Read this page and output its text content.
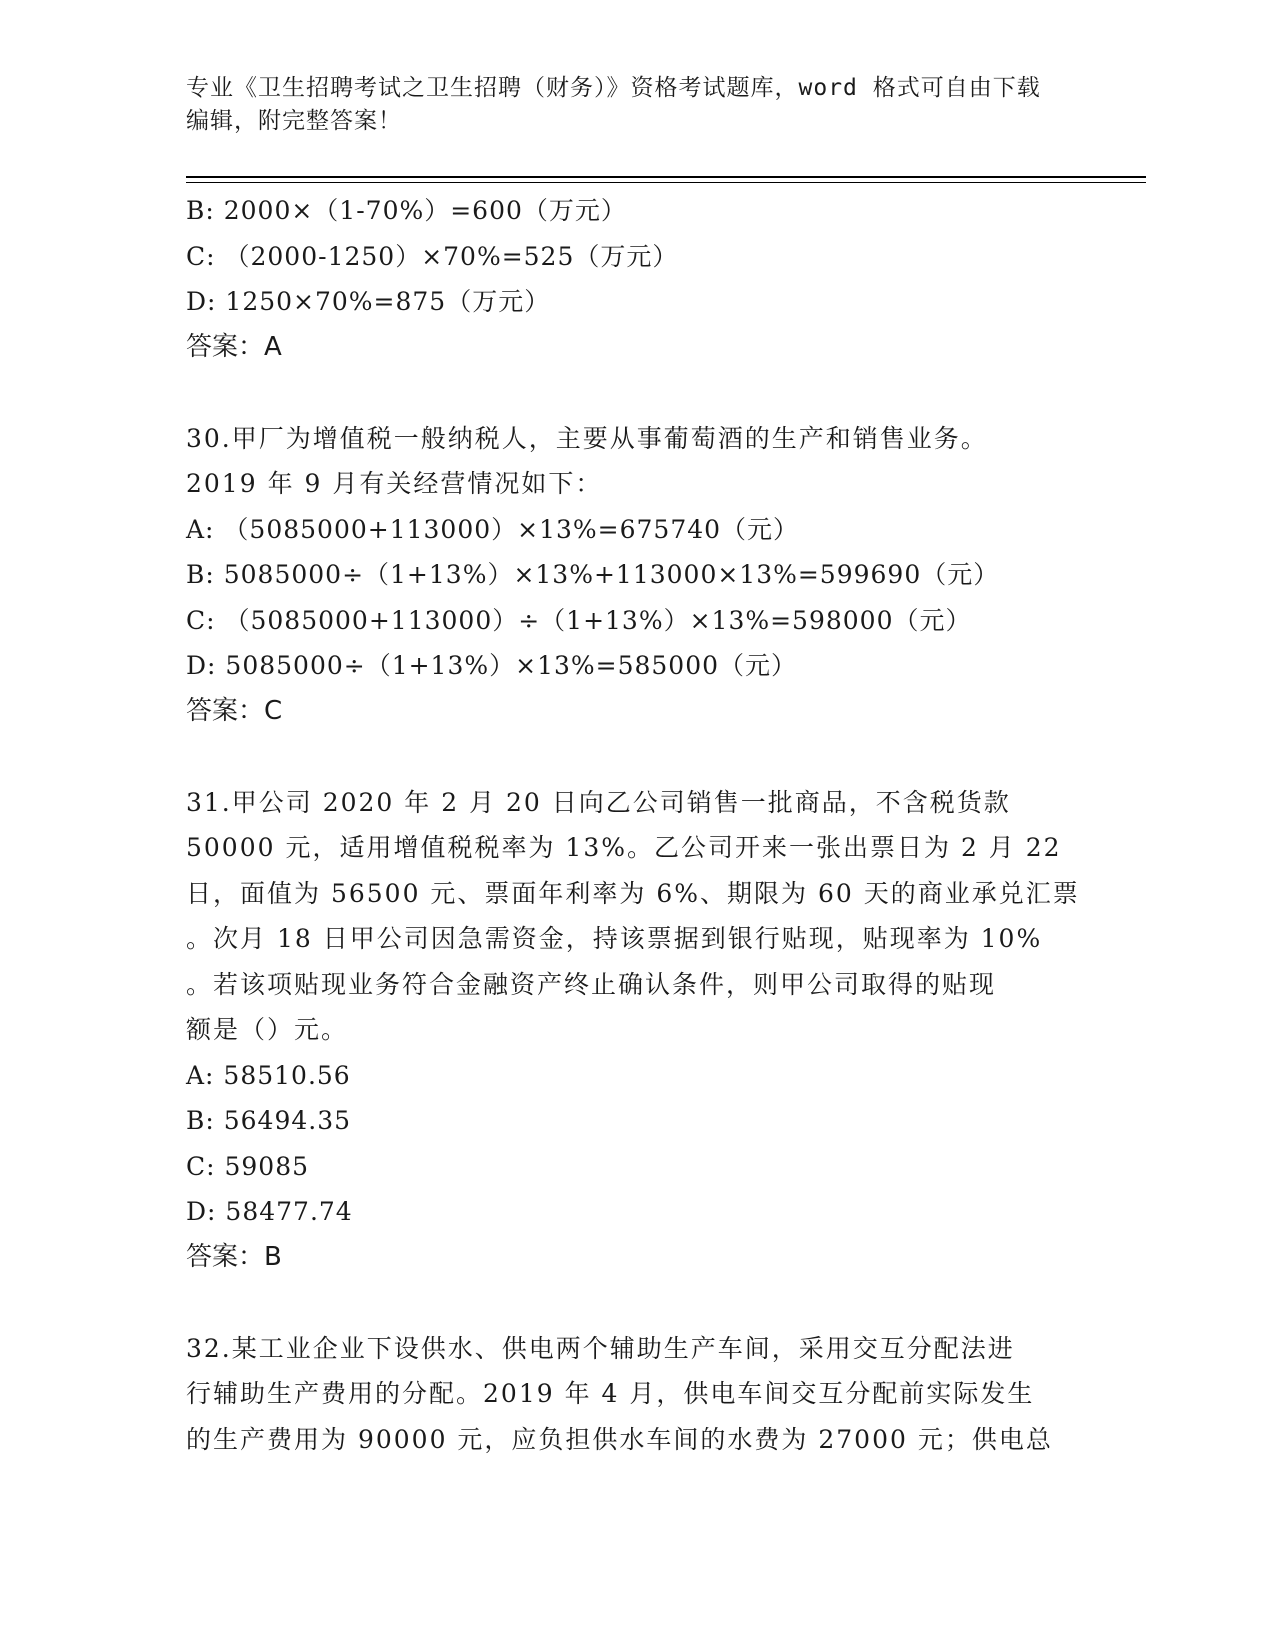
专业《卫生招聘考试之卫生招聘（财务）》资格考试题库，word 格式可自由下载
编辑，附完整答案！
B: 2000×（1-70%）=600（万元）
C: （2000-1250）×70%=525（万元）
D: 1250×70%=875（万元）
答案：A
30.甲厂为增值税一般纳税人，主要从事葡萄酒的生产和销售业务。
2019 年 9 月有关经营情况如下：
A: （5085000+113000）×13%=675740（元）
B: 5085000÷（1+13%）×13%+113000×13%=599690（元）
C: （5085000+113000）÷（1+13%）×13%=598000（元）
D: 5085000÷（1+13%）×13%=585000（元）
答案：C
31.甲公司 2020 年 2 月 20 日向乙公司销售一批商品，不含税货款
50000 元，适用增值税税率为 13%。乙公司开来一张出票日为 2 月 22
日，面值为 56500 元、票面年利率为 6%、期限为 60 天的商业承兑汇票
。次月 18 日甲公司因急需资金，持该票据到银行贴现，贴现率为 10%
。若该项贴现业务符合金融资产终止确认条件，则甲公司取得的贴现
额是（）元。
A: 58510.56
B: 56494.35
C: 59085
D: 58477.74
答案：B
32.某工业企业下设供水、供电两个辅助生产车间，采用交互分配法进
行辅助生产费用的分配。2019 年 4 月，供电车间交互分配前实际发生
的生产费用为 90000 元，应负担供水车间的水费为 27000 元；供电总
